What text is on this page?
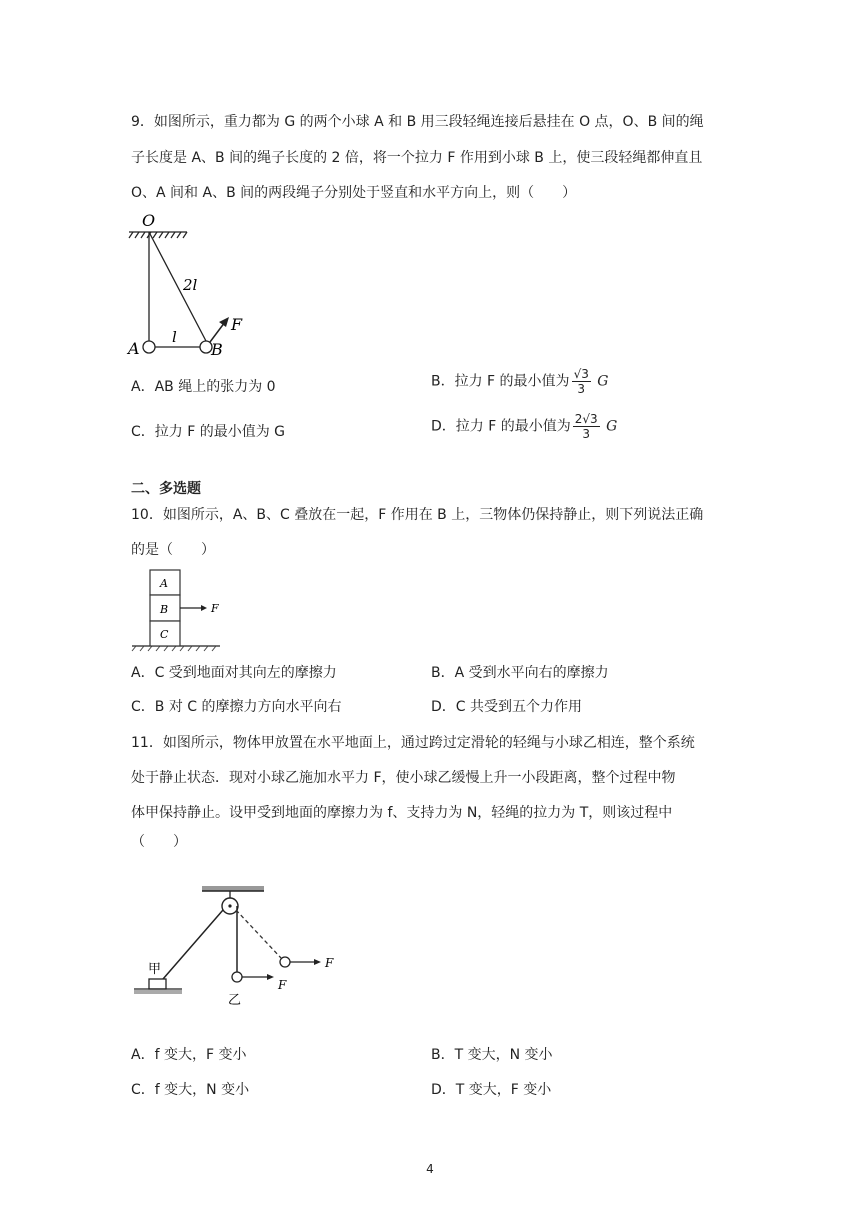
9．如图所示，重力都为 G 的两个小球 A 和 B 用三段轻绳连接后悬挂在 O 点，O、B 间的绳
子长度是 A、B 间的绳子长度的 2 倍，将一个拉力 F 作用到小球 B 上，使三段轻绳都伸直且
O、A 间和 A、B 间的两段绳子分别处于竖直和水平方向上，则（　　）
O
2l
l
A	B
F
A．AB 绳上的张力为 0	B．拉力 F 的最小值为 $\frac{√3}{3}$ G
C．拉力 F 的最小值为 G	D．拉力 F 的最小值为 $\frac{2√3}{3}$ G
二、多选题
10．如图所示，A、B、C 叠放在一起，F 作用在 B 上，三物体仍保持静止，则下列说法正确
的是（　　）
A
B
C
F
A．C 受到地面对其向左的摩擦力	B．A 受到水平向右的摩擦力
C．B 对 C 的摩擦力方向水平向右	D．C 共受到五个力作用
11．如图所示，物体甲放置在水平地面上，通过跨过定滑轮的轻绳与小球乙相连，整个系统
处于静止状态．现对小球乙施加水平力 F，使小球乙缓慢上升一小段距离，整个过程中物
体甲保持静止。设甲受到地面的摩擦力为 f、支持力为 N，轻绳的拉力为 T，则该过程中
（　　）
甲
乙
F
F
A．f 变大，F 变小	B．T 变大，N 变小
C．f 变大，N 变小	D．T 变大，F 变小
4
